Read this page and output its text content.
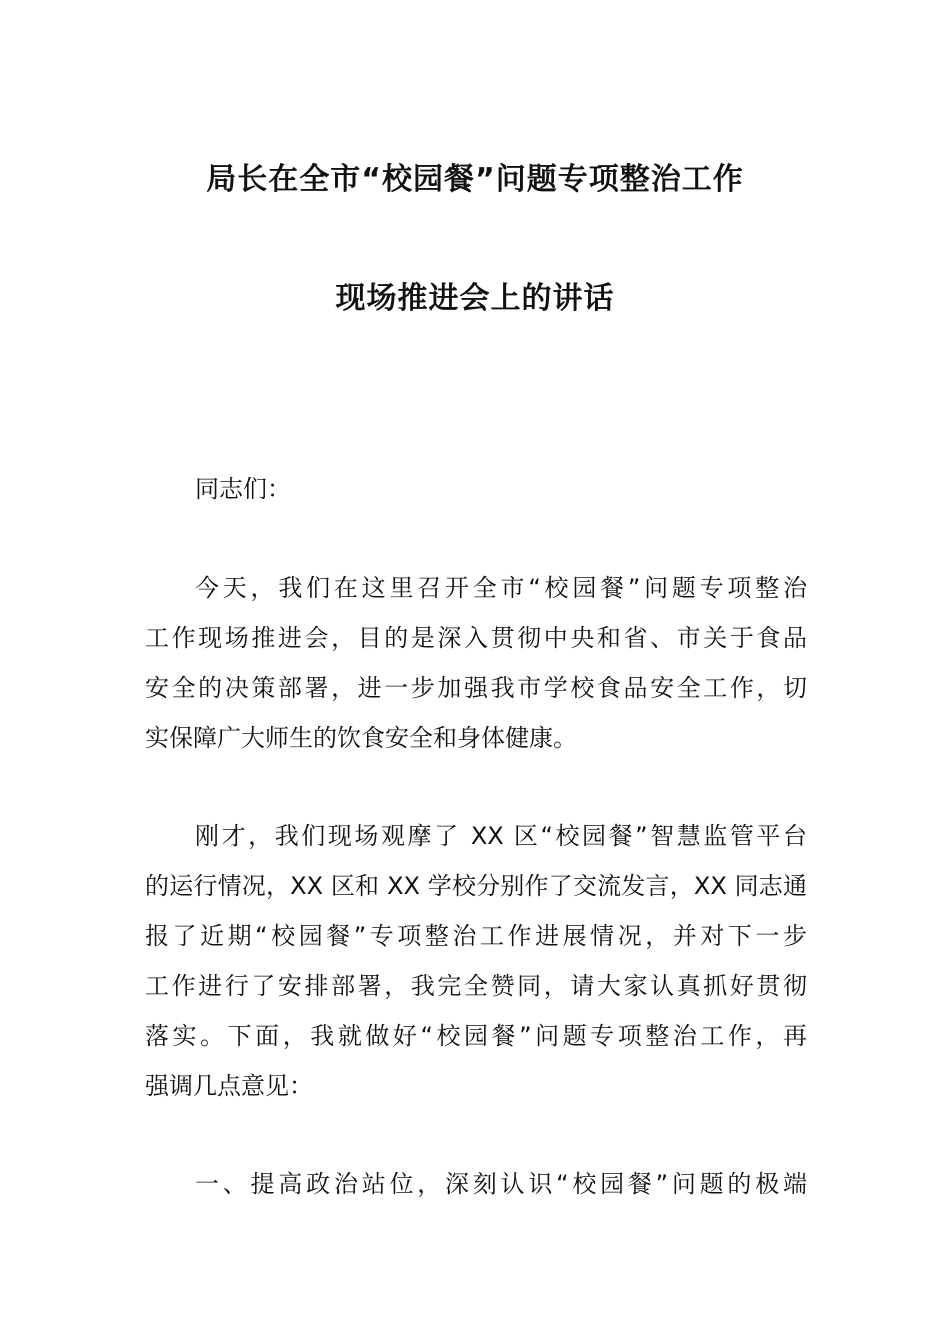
局长在全市“校园餐”问题专项整治工作
现场推进会上的讲话
同志们：
今天，我们在这里召开全市“校园餐”问题专项整治
工作现场推进会，目的是深入贯彻中央和省、市关于食品
安全的决策部署，进一步加强我市学校食品安全工作，切
实保障广大师生的饮食安全和身体健康。
刚才，我们现场观摩了 XX 区“校园餐”智慧监管平台
的运行情况，XX 区和 XX 学校分别作了交流发言，XX 同志通
报了近期“校园餐”专项整治工作进展情况，并对下一步
工作进行了安排部署，我完全赞同，请大家认真抓好贯彻
落实。下面，我就做好“校园餐”问题专项整治工作，再
强调几点意见：
一、提高政治站位，深刻认识“校园餐”问题的极端
